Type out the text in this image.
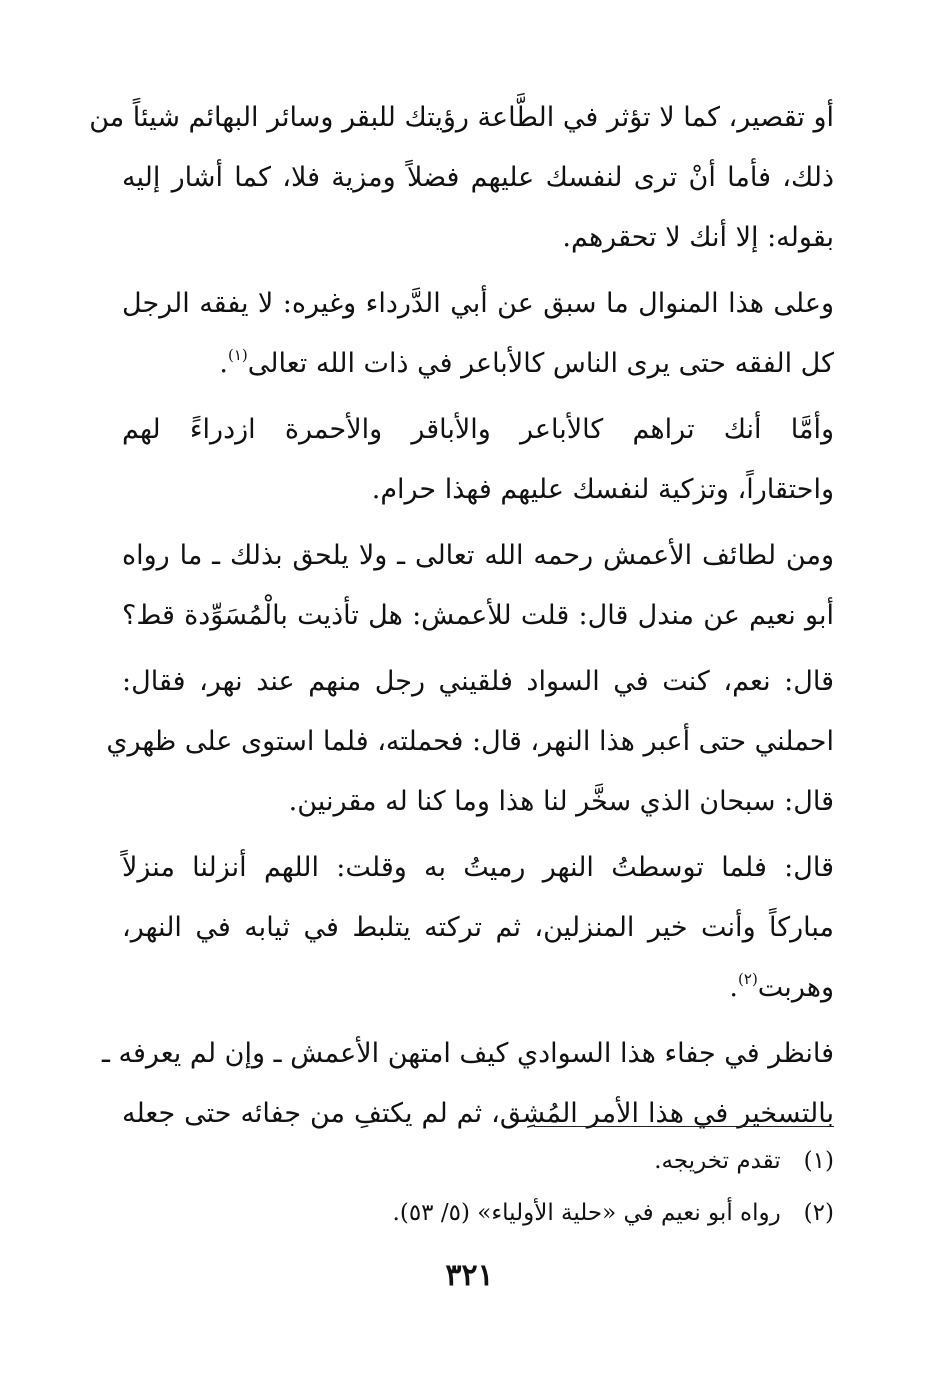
أو تقصير، كما لا تؤثر في الطَّاعة رؤيتك للبقر وسائر البهائم شيئاً من
ذلك، فأما أنْ ترى لنفسك عليهم فضلاً ومزية فلا، كما أشار إليه
بقوله: إلا أنك لا تحقرهم.
وعلى هذا المنوال ما سبق عن أبي الدَّرداء وغيره: لا يفقه الرجل
كل الفقه حتى يرى الناس كالأباعر في ذات الله تعالى$^{(١)}$.
وأمَّا أنك تراهم كالأباعر والأباقر والأحمرة ازدراءً لهم
واحتقاراً، وتزكية لنفسك عليهم فهذا حرام.
ومن لطائف الأعمش رحمه الله تعالى ـ ولا يلحق بذلك ـ ما رواه
أبو نعيم عن مندل قال: قلت للأعمش: هل تأذيت بالْمُسَوِّدة قط؟
قال: نعم، كنت في السواد فلقيني رجل منهم عند نهر، فقال:
احملني حتى أعبر هذا النهر، قال: فحملته، فلما استوى على ظهري
قال: سبحان الذي سخَّر لنا هذا وما كنا له مقرنين.
قال: فلما توسطتُ النهر رميتُ به وقلت: اللهم أنزلنا منزلاً
مباركاً وأنت خير المنزلين، ثم تركته يتلبط في ثيابه في النهر،
وهربت$^{(٢)}$.
فانظر في جفاء هذا السوادي كيف امتهن الأعمش ـ وإن لم يعرفه ـ
بالتسخير في هذا الأمر المُشِق، ثم لم يكتفِ من جفائه حتى جعله
(١) تقدم تخريجه.
(٢) رواه أبو نعيم في «حلية الأولياء» (٥/ ٥٣).
٣٢١
